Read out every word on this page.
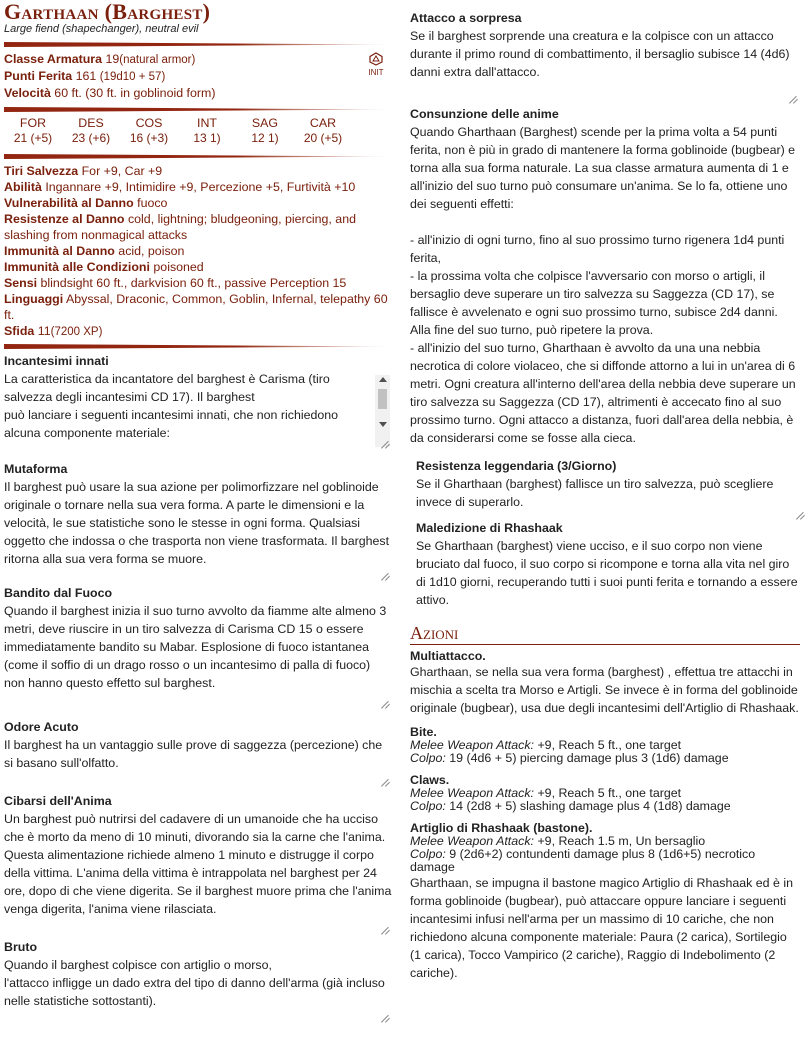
Garthaan (Barghest)
Large fiend (shapechanger), neutral evil
Classe Armatura 19(natural armor)
Punti Ferita 161 (19d10 + 57)
Velocità 60 ft. (30 ft. in goblinoid form)
INIT
FOR
21 (+5)
DES
23 (+6)
COS
16 (+3)
INT
13 1)
SAG
12 1)
CAR
20 (+5)
Tiri Salvezza For +9, Car +9
Abilità Ingannare +9, Intimidire +9, Percezione +5, Furtività +10
Vulnerabilità al Danno fuoco
Resistenze al Danno cold, lightning; bludgeoning, piercing, and slashing from nonmagical attacks
Immunità al Danno acid, poison
Immunità alle Condizioni poisoned
Sensi blindsight 60 ft., darkvision 60 ft., passive Perception 15
Linguaggi Abyssal, Draconic, Common, Goblin, Infernal, telepathy 60 ft.
Sfida 11(7200 XP)
Incantesimi innati
La caratteristica da incantatore del barghest è Carisma (tiro salvezza degli incantesimi CD 17). Il barghest
può lanciare i seguenti incantesimi innati, che non richiedono alcuna componente materiale:
Mutaforma
Il barghest può usare la sua azione per polimorfizzare nel goblinoide originale o tornare nella sua vera forma. A parte le dimensioni e la velocità, le sue statistiche sono le stesse in ogni forma. Qualsiasi oggetto che indossa o che trasporta non viene trasformata. Il barghest ritorna alla sua vera forma se muore.
Bandito dal Fuoco
Quando il barghest inizia il suo turno avvolto da fiamme alte almeno 3 metri, deve riuscire in un tiro salvezza di Carisma CD 15 o essere immediatamente bandito su Mabar. Esplosione di fuoco istantanea (come il soffio di un drago rosso o un incantesimo di palla di fuoco) non hanno questo effetto sul barghest.
Odore Acuto
Il barghest ha un vantaggio sulle prove di saggezza (percezione) che si basano sull'olfatto.
Cibarsi dell'Anima
Un barghest può nutrirsi del cadavere di un umanoide che ha ucciso che è morto da meno di 10 minuti, divorando sia la carne che l'anima. Questa alimentazione richiede almeno 1 minuto e distrugge il corpo della vittima. L'anima della vittima è intrappolata nel barghest per 24 ore, dopo di che viene digerita. Se il barghest muore prima che l'anima venga digerita, l'anima viene rilasciata.
Bruto
Quando il barghest colpisce con artiglio o morso,
l'attacco infligge un dado extra del tipo di danno dell'arma (già incluso nelle statistiche sottostanti).
Attacco a sorpresa
Se il barghest sorprende una creatura e la colpisce con un attacco durante il primo round di combattimento, il bersaglio subisce 14 (4d6) danni extra dall'attacco.
Consunzione delle anime
Quando Gharthaan (Barghest) scende per la prima volta a 54 punti ferita, non è più in grado di mantenere la forma goblinoide (bugbear) e torna alla sua forma naturale. La sua classe armatura aumenta di 1 e all'inizio del suo turno può consumare un'anima. Se lo fa, ottiene uno dei seguenti effetti:

- all'inizio di ogni turno, fino al suo prossimo turno rigenera 1d4 punti ferita,
- la prossima volta che colpisce l'avversario con morso o artigli, il bersaglio deve superare un tiro salvezza su Saggezza (CD 17), se fallisce è avvelenato e ogni suo prossimo turno, subisce 2d4 danni. Alla fine del suo turno, può ripetere la prova.
- all'inizio del suo turno, Gharthaan è avvolto da una una nebbia necrotica di colore violaceo, che si diffonde attorno a lui in un'area di 6 metri. Ogni creatura all'interno dell'area della nebbia deve superare un tiro salvezza su Saggezza (CD 17), altrimenti è accecato fino al suo prossimo turno. Ogni attacco a distanza, fuori dall'area della nebbia, è da considerarsi come se fosse alla cieca.
Resistenza leggendaria (3/Giorno)
Se il Gharthaan (barghest) fallisce un tiro salvezza, può scegliere invece di superarlo.
Maledizione di Rhashaak
Se Gharthaan (barghest) viene ucciso, e il suo corpo non viene bruciato dal fuoco, il suo corpo si ricompone e torna alla vita nel giro di 1d10 giorni, recuperando tutti i suoi punti ferita e tornando a essere attivo.
Azioni
Multiattacco.
Gharthaan, se nella sua vera forma (barghest) , effettua tre attacchi in mischia a scelta tra Morso e Artigli. Se invece è in forma del goblinoide originale (bugbear), usa due degli incantesimi dell'Artiglio di Rhashaak.
Bite.
Melee Weapon Attack: +9, Reach 5 ft., one target
Colpo: 19 (4d6 + 5) piercing damage plus 3 (1d6) damage
Claws.
Melee Weapon Attack: +9, Reach 5 ft., one target
Colpo: 14 (2d8 + 5) slashing damage plus 4 (1d8) damage
Artiglio di Rhashaak (bastone).
Melee Weapon Attack: +9, Reach 1.5 m, Un bersaglio
Colpo: 9 (2d6+2) contundenti damage plus 8 (1d6+5) necrotico damage
Gharthaan, se impugna il bastone magico Artiglio di Rhashaak ed è in forma goblinoide (bugbear), può attaccare oppure lanciare i seguenti incantesimi infusi nell'arma per un massimo di 10 cariche, che non richiedono alcuna componente materiale: Paura (2 carica), Sortilegio (1 carica), Tocco Vampirico (2 cariche), Raggio di Indebolimento (2 cariche).
